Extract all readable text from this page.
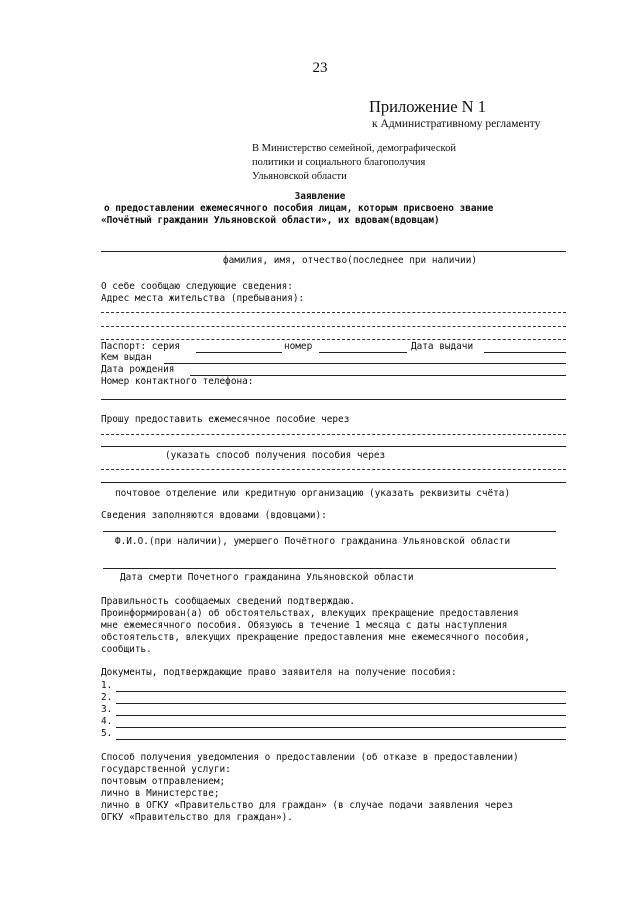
23
Приложение N 1
к Административному регламенту
В Министерство семейной, демографической
политики и социального благополучия
Ульяновской области
Заявление
о предоставлении ежемесячного пособия лицам, которым присвоено звание
«Почётный гражданин Ульяновской области», их вдовам(вдовцам)
фамилия, имя, отчество(последнее при наличии)
О себе сообщаю следующие сведения:
Адрес места жительства (пребывания):
Паспорт: серия	номер	Дата выдачи
Кем выдан
Дата рождения
Номер контактного телефона:
Прошу предоставить ежемесячное пособие через
(указать способ получения пособия через
почтовое отделение или кредитную организацию (указать реквизиты счёта)
Сведения заполняются вдовами (вдовцами):
Ф.И.О.(при наличии), умершего Почётного гражданина Ульяновской области
Дата смерти Почетного гражданина Ульяновской области
Правильность сообщаемых сведений подтверждаю.
Проинформирован(а) об обстоятельствах, влекущих прекращение предоставления
мне ежемесячного пособия. Обязуюсь в течение 1 месяца с даты наступления
обстоятельств, влекущих прекращение предоставления мне ежемесячного пособия,
сообщить.
Документы, подтверждающие право заявителя на получение пособия:
1.
2.
3.
4.
5.
Способ получения уведомления о предоставлении (об отказе в предоставлении)
государственной услуги:
почтовым отправлением;
лично в Министерстве;
лично в ОГКУ «Правительство для граждан» (в случае подачи заявления через
ОГКУ «Правительство для граждан»).
